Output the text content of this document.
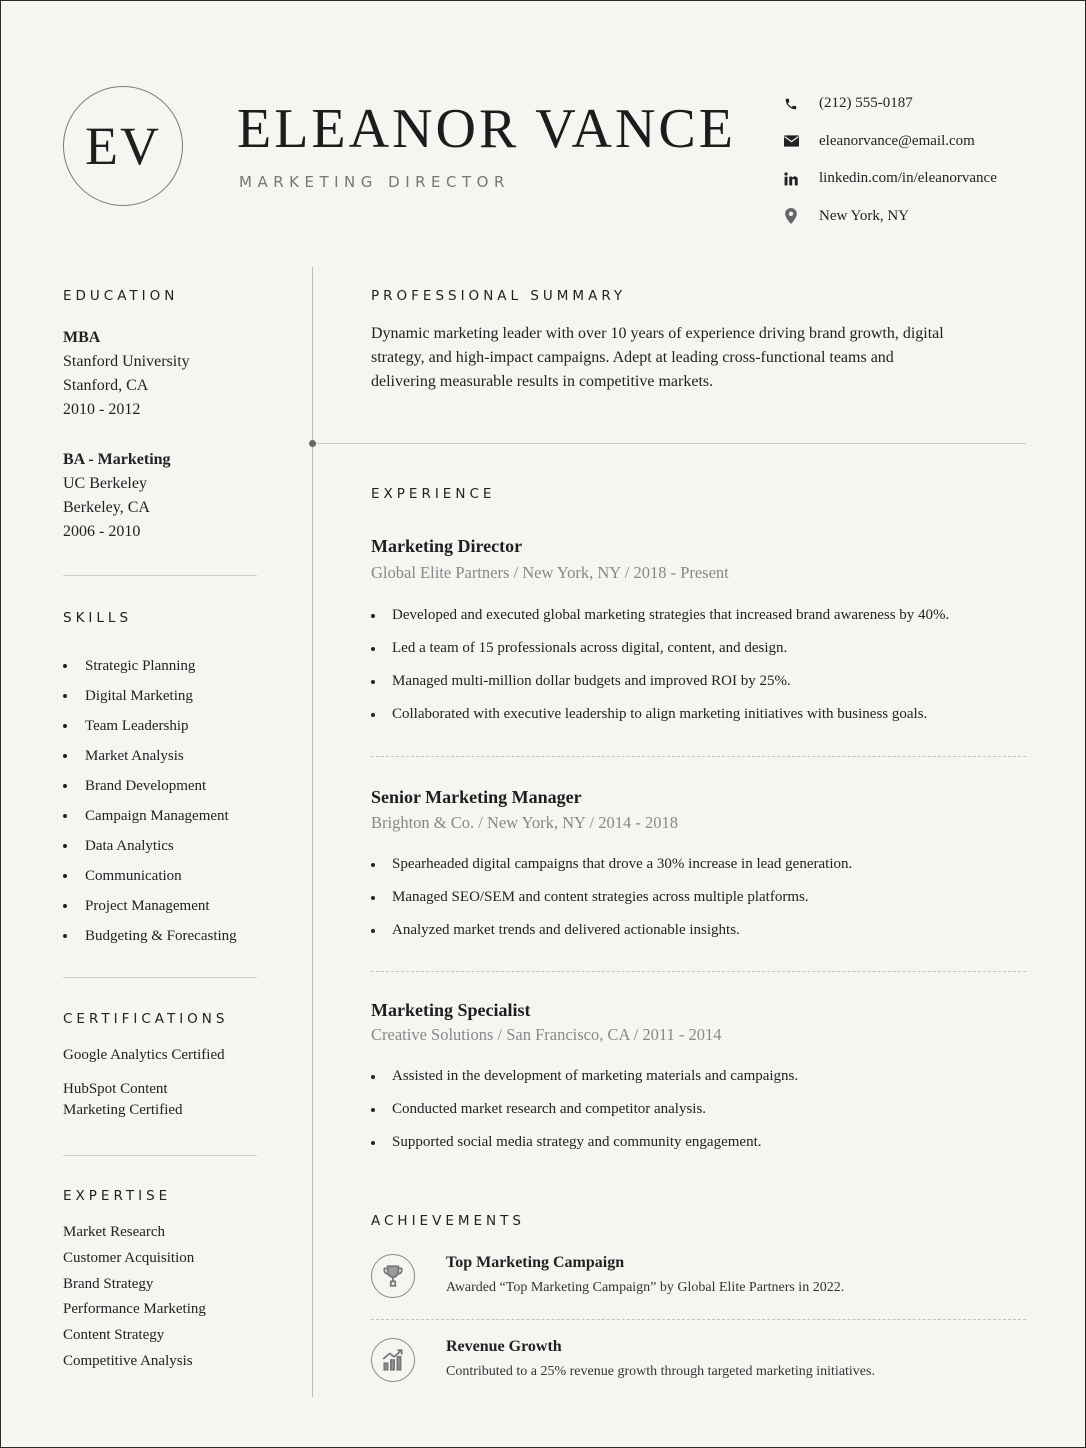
EV	ELEANOR VANCE
MARKETING DIRECTOR
(212) 555-0187
eleanorvance@email.com
linkedin.com/in/eleanorvance
New York, NY
EDUCATION
MBA
Stanford University
Stanford, CA
2010 - 2012
BA - Marketing
UC Berkeley
Berkeley, CA
2006 - 2010
SKILLS
Strategic Planning
Digital Marketing
Team Leadership
Market Analysis
Brand Development
Campaign Management
Data Analytics
Communication
Project Management
Budgeting & Forecasting
CERTIFICATIONS
Google Analytics Certified
HubSpot Content Marketing Certified
EXPERTISE
Market Research
Customer Acquisition
Brand Strategy
Performance Marketing
Content Strategy
Competitive Analysis
PROFESSIONAL SUMMARY
Dynamic marketing leader with over 10 years of experience driving brand growth, digital strategy, and high-impact campaigns. Adept at leading cross-functional teams and delivering measurable results in competitive markets.
EXPERIENCE
Marketing Director
Global Elite Partners / New York, NY / 2018 - Present
Developed and executed global marketing strategies that increased brand awareness by 40%.
Led a team of 15 professionals across digital, content, and design.
Managed multi-million dollar budgets and improved ROI by 25%.
Collaborated with executive leadership to align marketing initiatives with business goals.
Senior Marketing Manager
Brighton & Co. / New York, NY / 2014 - 2018
Spearheaded digital campaigns that drove a 30% increase in lead generation.
Managed SEO/SEM and content strategies across multiple platforms.
Analyzed market trends and delivered actionable insights.
Marketing Specialist
Creative Solutions / San Francisco, CA / 2011 - 2014
Assisted in the development of marketing materials and campaigns.
Conducted market research and competitor analysis.
Supported social media strategy and community engagement.
ACHIEVEMENTS
Top Marketing Campaign
Awarded “Top Marketing Campaign” by Global Elite Partners in 2022.
Revenue Growth
Contributed to a 25% revenue growth through targeted marketing initiatives.
